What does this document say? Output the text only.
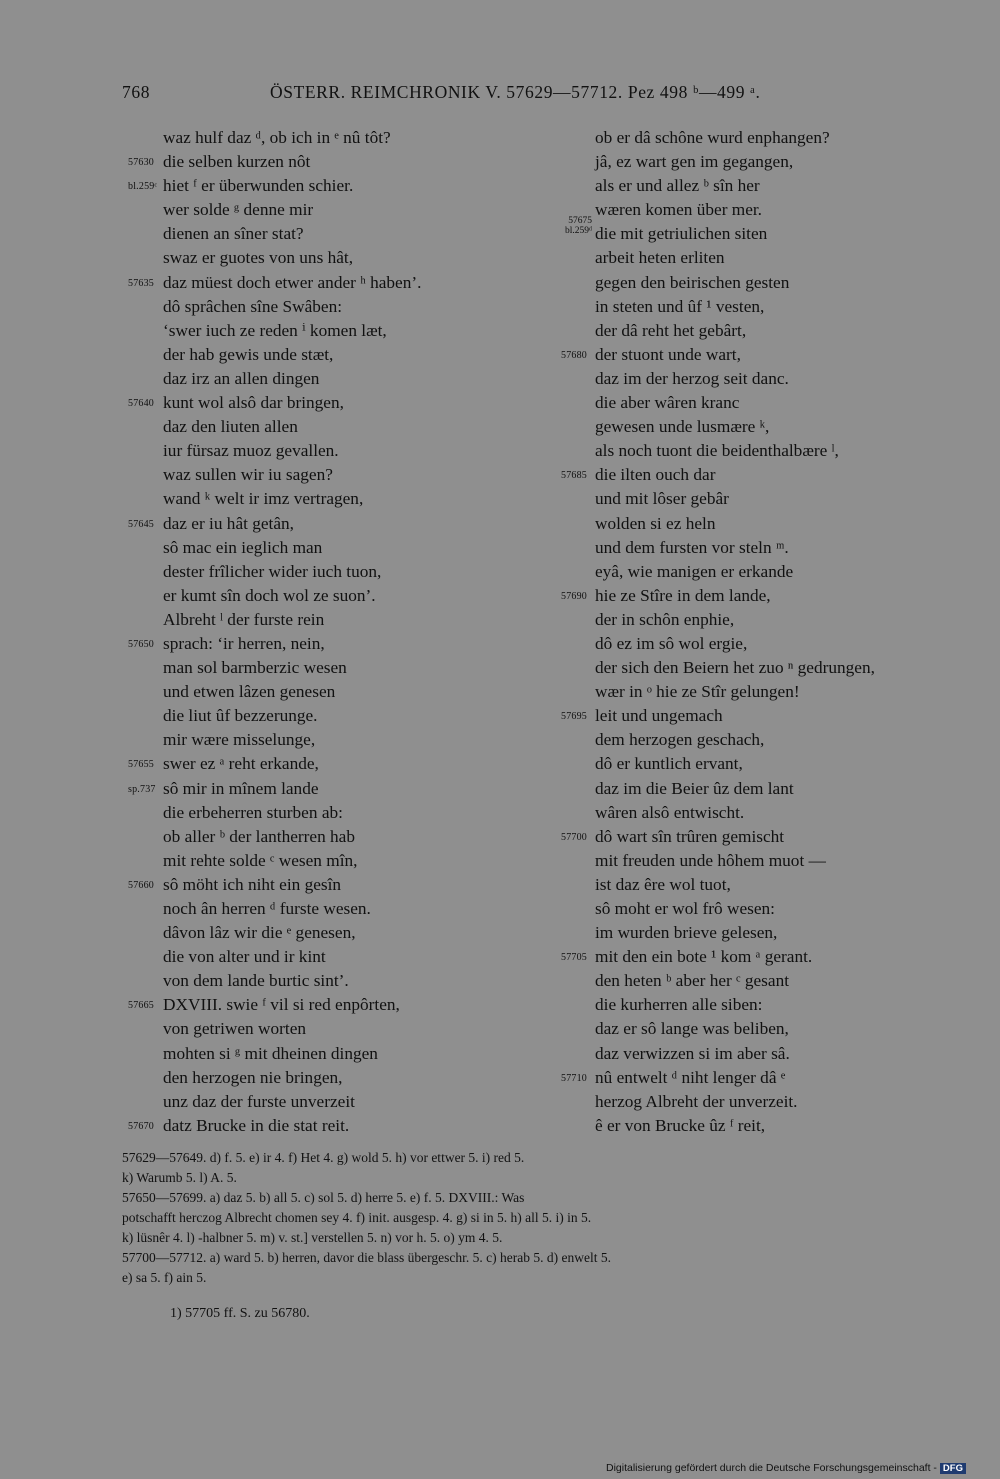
768	ÖSTERR. REIMCHRONIK V. 57629—57712. Pez 498 ᵇ—499 ᵃ.
waz hulf daz ᵈ, ob ich in ᵉ nû tôt?
57630 die selben kurzen nôt
bl.259ᶜ hiet ᶠ er überwunden schier.
wer solde ᵍ denne mir
dienen an sîner stat?
swaz er guotes von uns hât,
57635 daz müest doch etwer ander ʰ haben’.
dô sprâchen sîne Swâben:
‘swer iuch ze reden ⁱ komen læt,
der hab gewis unde stæt,
daz irz an allen dingen
57640 kunt wol alsô dar bringen,
daz den liuten allen
iur fürsaz muoz gevallen.
waz sullen wir iu sagen?
wand ᵏ welt ir imz vertragen,
57645 daz er iu hât getân,
sô mac ein ieglich man
dester frîlicher wider iuch tuon,
er kumt sîn doch wol ze suon’.
Albreht ˡ der furste rein
57650 sprach: ‘ir herren, nein,
man sol barmberzic wesen
und etwen lâzen genesen
die liut ûf bezzerunge.
mir wære misselunge,
57655 swer ez ᵃ reht erkande,
sp.737 sô mir in mînem lande
die erbeherren sturben ab:
ob aller ᵇ der lantherren hab
mit rehte solde ᶜ wesen mîn,
57660 sô möht ich niht ein gesîn
noch ân herren ᵈ furste wesen.
dâvon lâz wir die ᵉ genesen,
die von alter und ir kint
von dem lande burtic sint’.
57665 DXVIII. swie ᶠ vil si red enpôrten,
von getriwen worten
mohten si ᵍ mit dheinen dingen
den herzogen nie bringen,
unz daz der furste unverzeit
57670 datz Brucke in die stat reit.
ob er dâ schône wurd enphangen?
jâ, ez wart gen im gegangen,
als er und allez ᵇ sîn her
wæren komen über mer.
57675
bl.259ᵈ die mit getriulichen siten
arbeit heten erliten
gegen den beirischen gesten
in steten und ûf ¹ vesten,
der dâ reht het gebârt,
57680 der stuont unde wart,
daz im der herzog seit danc.
die aber wâren kranc
gewesen unde lusmære ᵏ,
als noch tuont die beidenthalbære ˡ,
57685 die ilten ouch dar
und mit lôser gebâr
wolden si ez heln
und dem fursten vor steln ᵐ.
eyâ, wie manigen er erkande
57690 hie ze Stîre in dem lande,
der in schôn enphie,
dô ez im sô wol ergie,
der sich den Beiern het zuo ⁿ gedrungen,
wær in ᵒ hie ze Stîr gelungen!
57695 leit und ungemach
dem herzogen geschach,
dô er kuntlich ervant,
daz im die Beier ûz dem lant
wâren alsô entwischt.
57700 dô wart sîn trûren gemischt
mit freuden unde hôhem muot —
ist daz êre wol tuot,
sô moht er wol frô wesen:
im wurden brieve gelesen,
57705 mit den ein bote ¹ kom ᵃ gerant.
den heten ᵇ aber her ᶜ gesant
die kurherren alle siben:
daz er sô lange was beliben,
daz verwizzen si im aber sâ.
57710 nû entwelt ᵈ niht lenger dâ ᵉ
herzog Albreht der unverzeit.
ê er von Brucke ûz ᶠ reit,
57629—57649. d) f. 5. e) ir 4. f) Het 4. g) wold 5. h) vor ettwer 5. i) red 5.
k) Warumb 5. l) A. 5.
57650—57699. a) daz 5. b) all 5. c) sol 5. d) herre 5. e) f. 5. DXVIII.: Was
potschafft herczog Albrecht chomen sey 4. f) init. ausgesp. 4. g) si in 5. h) all 5. i) in 5.
k) lüsnêr 4. l) -halbner 5. m) v. st.] verstellen 5. n) vor h. 5. o) ym 4. 5.
57700—57712. a) ward 5. b) herren, davor die blass übergeschr. 5. c) herab 5. d) enwelt 5.
e) sa 5. f) ain 5.
1) 57705 ff. S. zu 56780.
Digitalisierung gefördert durch die Deutsche Forschungsgemeinschaft - DFG
